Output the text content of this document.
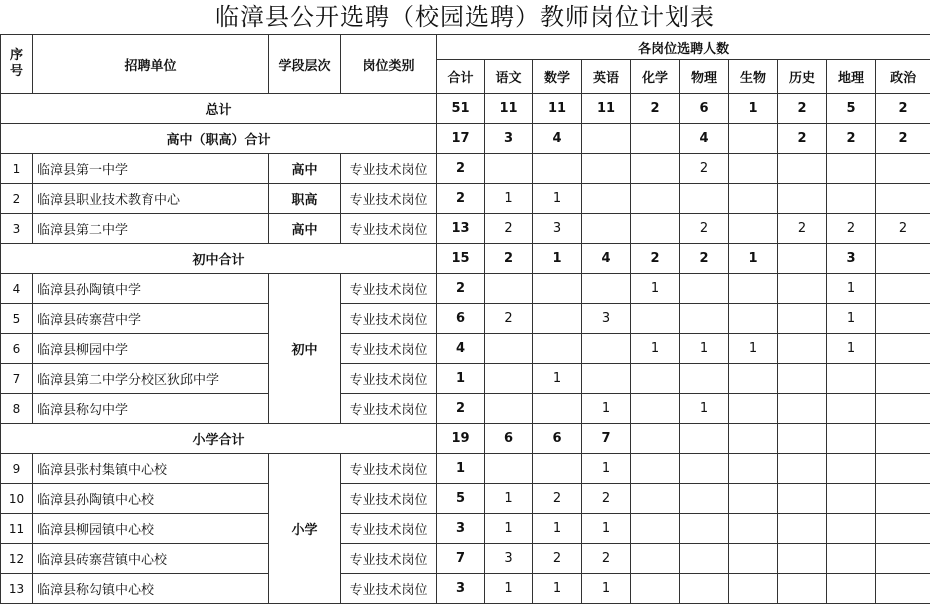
临漳县公开选聘（校园选聘）教师岗位计划表
序
号	招聘单位	学段层次	岗位类别	各岗位选聘人数									
				合计	语文	数学	英语	化学	物理	生物	历史	地理	政治
总计				51	11	11	11	2	6	1	2	5	2
高中（职高）合计				17	3	4			4		2	2	2
1	临漳县第一中学	高中	专业技术岗位	2					2				
2	临漳县职业技术教育中心	职高	专业技术岗位	2	1	1							
3	临漳县第二中学	高中	专业技术岗位	13	2	3			2		2	2	2
初中合计				15	2	1	4	2	2	1		3	
4	临漳县孙陶镇中学	初中	专业技术岗位	2				1				1	
5	临漳县砖寨营中学		专业技术岗位	6	2		3					1	
6	临漳县柳园中学		专业技术岗位	4				1	1	1		1	
7	临漳县第二中学分校区狄邱中学		专业技术岗位	1		1							
8	临漳县称勾中学		专业技术岗位	2			1		1				
小学合计				19	6	6	7						
9	临漳县张村集镇中心校	小学	专业技术岗位	1			1						
10	临漳县孙陶镇中心校		专业技术岗位	5	1	2	2						
11	临漳县柳园镇中心校		专业技术岗位	3	1	1	1						
12	临漳县砖寨营镇中心校		专业技术岗位	7	3	2	2						
13	临漳县称勾镇中心校		专业技术岗位	3	1	1	1						
